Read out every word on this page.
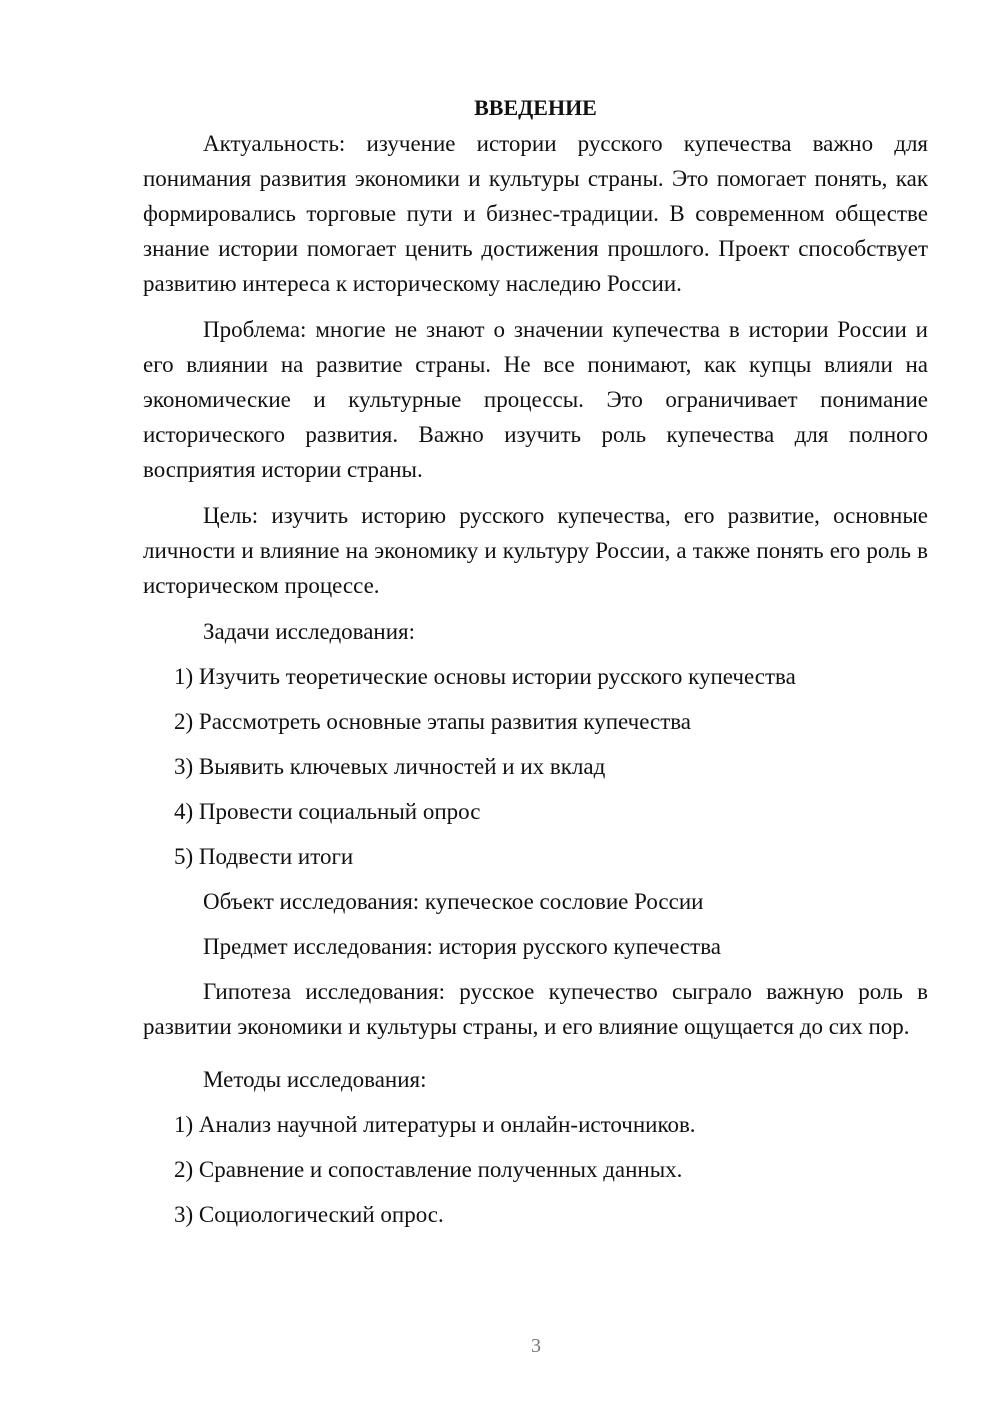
ВВЕДЕНИЕ

Актуальность: изучение истории русского купечества важно для понимания развития экономики и культуры страны. Это помогает понять, как формировались торговые пути и бизнес-традиции. В современном обществе знание истории помогает ценить достижения прошлого. Проект способствует развитию интереса к историческому наследию России.

Проблема: многие не знают о значении купечества в истории России и его влиянии на развитие страны. Не все понимают, как купцы влияли на экономические и культурные процессы. Это ограничивает понимание исторического развития. Важно изучить роль купечества для полного восприятия истории страны.

Цель: изучить историю русского купечества, его развитие, основные личности и влияние на экономику и культуру России, а также понять его роль в историческом процессе.

Задачи исследования:
1) Изучить теоретические основы истории русского купечества
2) Рассмотреть основные этапы развития купечества
3) Выявить ключевых личностей и их вклад
4) Провести социальный опрос
5) Подвести итоги
Объект исследования: купеческое сословие России
Предмет исследования: история русского купечества

Гипотеза исследования: русское купечество сыграло важную роль в развитии экономики и культуры страны, и его влияние ощущается до сих пор.

Методы исследования:
1) Анализ научной литературы и онлайн-источников.
2) Сравнение и сопоставление полученных данных.
3) Социологический опрос.
3
